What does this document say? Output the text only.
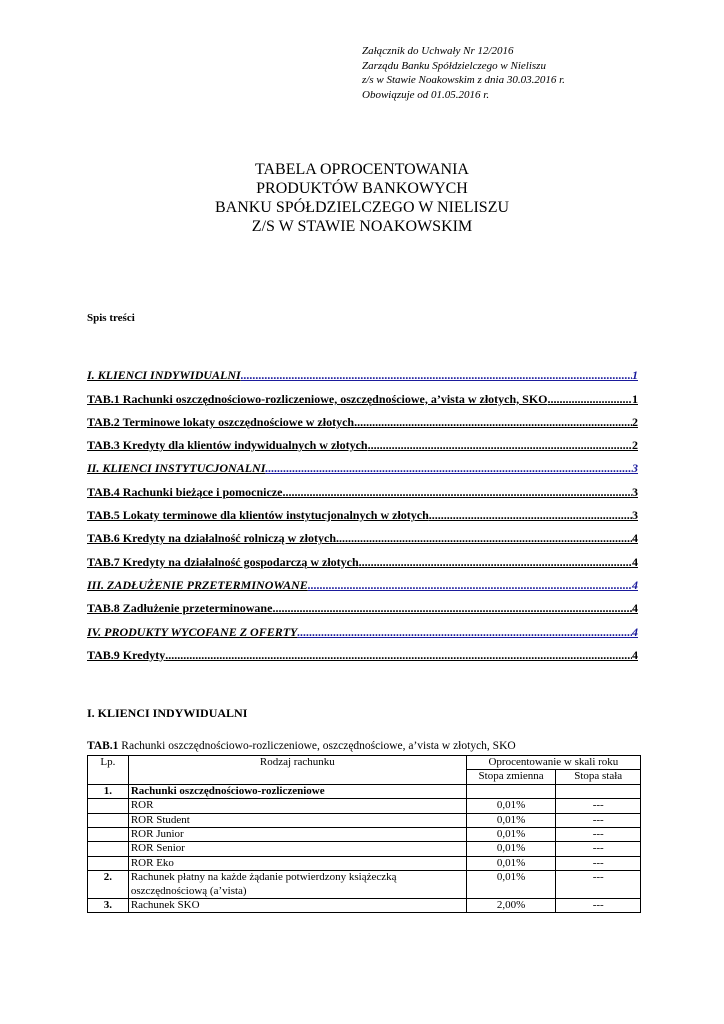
Załącznik do Uchwały Nr 12/2016
Zarządu Banku Spółdzielczego w Nieliszu
z/s w Stawie Noakowskim z dnia 30.03.2016 r.
Obowiązuje od 01.05.2016 r.
TABELA OPROCENTOWANIA
PRODUKTÓW BANKOWYCH
BANKU SPÓŁDZIELCZEGO W NIELISZU
Z/S W STAWIE NOAKOWSKIM
Spis treści
I. KLIENCI INDYWIDUALNI .....	1
TAB.1 Rachunki oszczędnościowo-rozliczeniowe, oszczędnościowe, a’vista w złotych, SKO .....	1
TAB.2 Terminowe lokaty oszczędnościowe w złotych .....	2
TAB.3 Kredyty dla klientów indywidualnych w złotych .....	2
II. KLIENCI INSTYTUCJONALNI .....	3
TAB.4 Rachunki bieżące i pomocnicze .....	3
TAB.5 Lokaty terminowe dla klientów instytucjonalnych w złotych .....	3
TAB.6 Kredyty na działalność rolniczą w złotych .....	4
TAB.7 Kredyty na działalność gospodarczą w złotych .....	4
III. ZADŁUŻENIE PRZETERMINOWANE .....	4
TAB.8 Zadłużenie przeterminowane .....	4
IV. PRODUKTY WYCOFANE Z OFERTY .....	4
TAB.9 Kredyty .....	4
I. KLIENCI INDYWIDUALNI
TAB.1 Rachunki oszczędnościowo-rozliczeniowe, oszczędnościowe, a’vista w złotych, SKO
Lp.	Rodzaj rachunku	Oprocentowanie w skali roku	
		Stopa zmienna	Stopa stała
1.	Rachunki oszczędnościowo-rozliczeniowe		
	ROR	0,01%	---
	ROR Student	0,01%	---
	ROR Junior	0,01%	---
	ROR Senior	0,01%	---
	ROR Eko	0,01%	---
2.	Rachunek płatny na każde żądanie potwierdzony książeczką oszczędnościową (a’vista)	0,01%	---
3.	Rachunek SKO	2,00%	---
